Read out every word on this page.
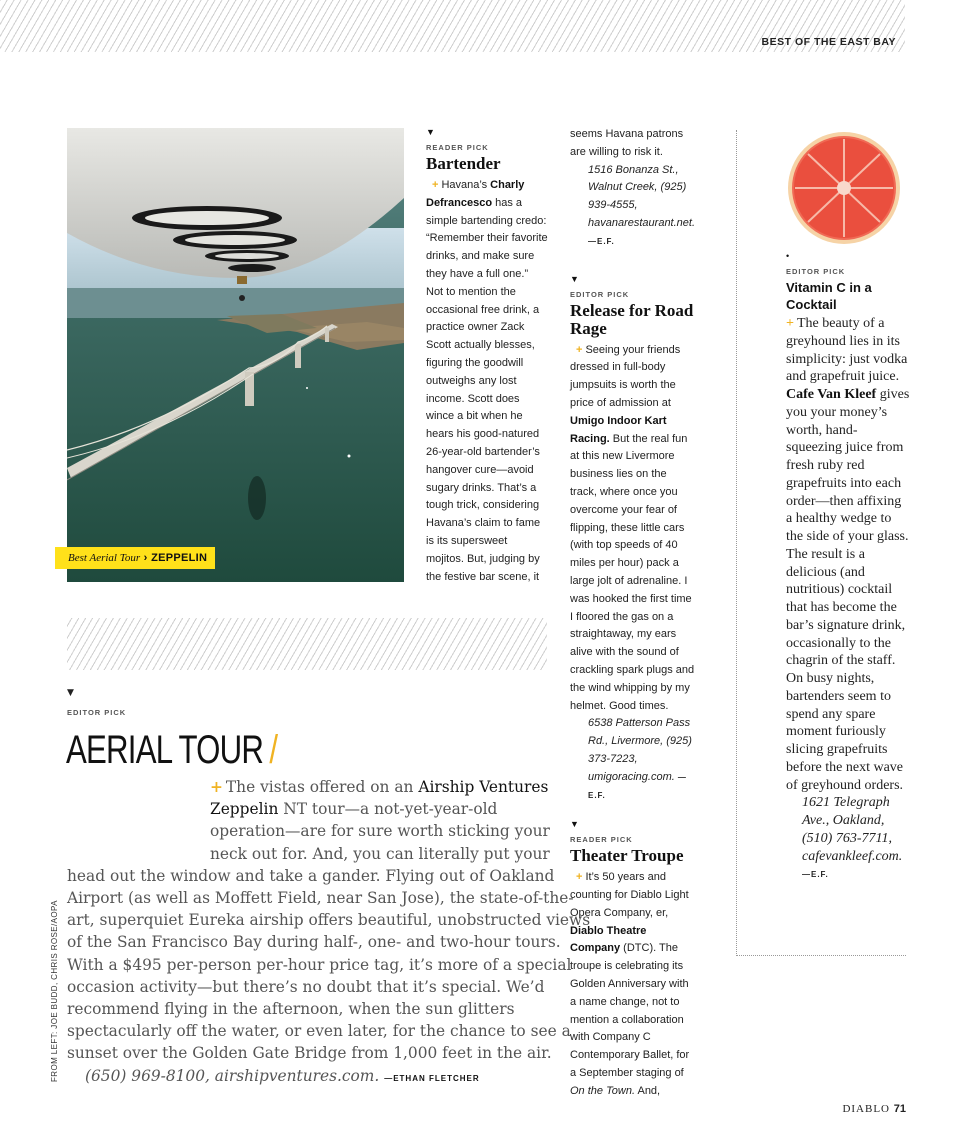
BEST OF THE EAST BAY
Best Aerial Tour › ZEPPELIN
▼
READER PICK
Bartender
+ Havana’s Charly Defrancesco has a simple bartending credo: “Remember their favorite drinks, and make sure they have a full one.” Not to mention the occasional free drink, a practice owner Zack Scott actually blesses, figuring the goodwill outweighs any lost income. Scott does wince a bit when he hears his good-natured 26-year-old bartender’s hangover cure—avoid sugary drinks. That’s a tough trick, considering Havana’s claim to fame is its supersweet mojitos. But, judging by the festive bar scene, it
seems Havana patrons are willing to risk it.
1516 Bonanza St., Walnut Creek, (925) 939-4555, havanarestaurant.net. —E.F.
▼
EDITOR PICK
Release for Road Rage
+ Seeing your friends dressed in full-body jumpsuits is worth the price of admission at Umigo Indoor Kart Racing. But the real fun at this new Livermore business lies on the track, where once you overcome your fear of flipping, these little cars (with top speeds of 40 miles per hour) pack a large jolt of adrenaline. I was hooked the first time I floored the gas on a straightaway, my ears alive with the sound of crackling spark plugs and the wind whipping by my helmet. Good times.
6538 Patterson Pass Rd., Livermore, (925) 373-7223, umigoracing.com. —E.F.
▼
READER PICK
Theater Troupe
+ It’s 50 years and counting for Diablo Light Opera Company, er, Diablo Theatre Company (DTC). The troupe is celebrating its Golden Anniversary with a name change, not to mention a collaboration with Company C Contemporary Ballet, for a September staging of On the Town. And,
•
EDITOR PICK
Vitamin C in a Cocktail
+ The beauty of a greyhound lies in its simplicity: just vodka and grapefruit juice. Cafe Van Kleef gives you your money’s worth, hand-squeezing juice from fresh ruby red grapefruits into each order—then affixing a healthy wedge to the side of your glass. The result is a delicious (and nutritious) cocktail that has become the bar’s signature drink, occasionally to the chagrin of the staff. On busy nights, bartenders seem to spend any spare moment furiously slicing grapefruits before the next wave of greyhound orders.
1621 Telegraph Ave., Oakland, (510) 763-7711, cafevankleef.com. —E.F.
▼
EDITOR PICK
AERIAL TOUR /
+ The vistas offered on an Airship Ventures
Zeppelin NT tour—a not-yet-year-old
operation—are for sure worth sticking your
neck out for. And, you can literally put your
head out the window and take a gander. Flying out of Oakland
Airport (as well as Moffett Field, near San Jose), the state-of-the-
art, superquiet Eureka airship offers beautiful, unobstructed views
of the San Francisco Bay during half-, one- and two-hour tours.
With a $495 per-person per-hour price tag, it’s more of a special
occasion activity—but there’s no doubt that it’s special. We’d
recommend flying in the afternoon, when the sun glitters
spectacularly off the water, or even later, for the chance to see a
sunset over the Golden Gate Bridge from 1,000 feet in the air.
(650) 969-8100, airshipventures.com. —ETHAN FLETCHER
FROM LEFT: JOE BUDD, CHRIS ROSE/AOPA
DIABLO 71
